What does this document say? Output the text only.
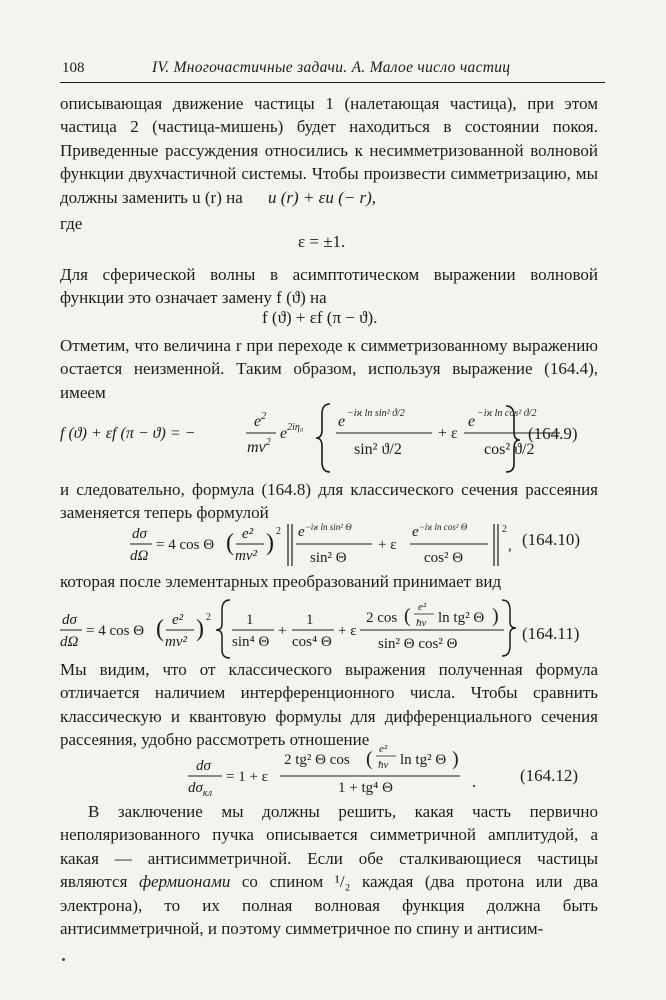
108	IV. Многочастичные задачи. А. Малое число частиц
описывающая движение частицы 1 (налетающая частица), при этом частица 2 (частица-мишень) будет находиться в состоянии покоя. Приведенные рассуждения относились к несимметризованной волновой функции двухчастичной системы. Чтобы произвести симметризацию, мы должны заменить u (r) на	u (r) + εu (− r),
где
ε = ±1.
Для сферической волны в асимптотическом выражении волновой функции это означает замену f (ϑ) на
f (ϑ) + εf (π − ϑ).
Отметим, что величина r при переходе к симметризованному выражению остается неизменной. Таким образом, используя выражение (164.4), имеем
f (ϑ) + εf (π − ϑ) = −
$e^2$
$mv^2$
$e^{2i\eta_0}$ e −iϰ ln sin² ϑ/2
sin² ϑ/2
+ ε
e −iϰ ln cos² ϑ/2
cos² ϑ/2
(164.9)
и следовательно, формула (164.8) для классического сечения рассеяния заменяется теперь формулой
dσ
dΩ
= 4 cos Θ ( e²
mv² ) 2 $e^{-iϰ ln sin^2 \Theta}$
sin² Θ
+ ε
$e^{-iϰ ln cos^2 \Theta}$
cos² Θ
2
, (164.10)
которая после элементарных преобразований принимает вид
dσ
dΩ
= 4 cos Θ ( e²
mv² ) 2 1
sin⁴ Θ
+
1
cos⁴ Θ
+ ε
2 cos ( e²
ħv ln tg² Θ )
sin² Θ cos² Θ
(164.11)
Мы видим, что от классического выражения полученная формула отличается наличием интерференционного числа. Чтобы сравнить классическую и квантовую формулы для дифференциального сечения рассеяния, удобно рассмотреть отношение
dσ
$d\sigma_{кл}$
= 1 + ε
2 tg² Θ cos ( e²
ħv ln tg² Θ )
1 + tg⁴ Θ	.	(164.12)
В заключение мы должны решить, какая часть первично неполяризованного пучка описывается симметричной амплитудой, а какая — антисимметричной. Если обе сталкивающиеся частицы являются фермионами со спином ¹/₂ каждая (два протона или два электрона), то их полная волновая функция должна быть антисимметричной, и поэтому симметричное по спину и антисим-
